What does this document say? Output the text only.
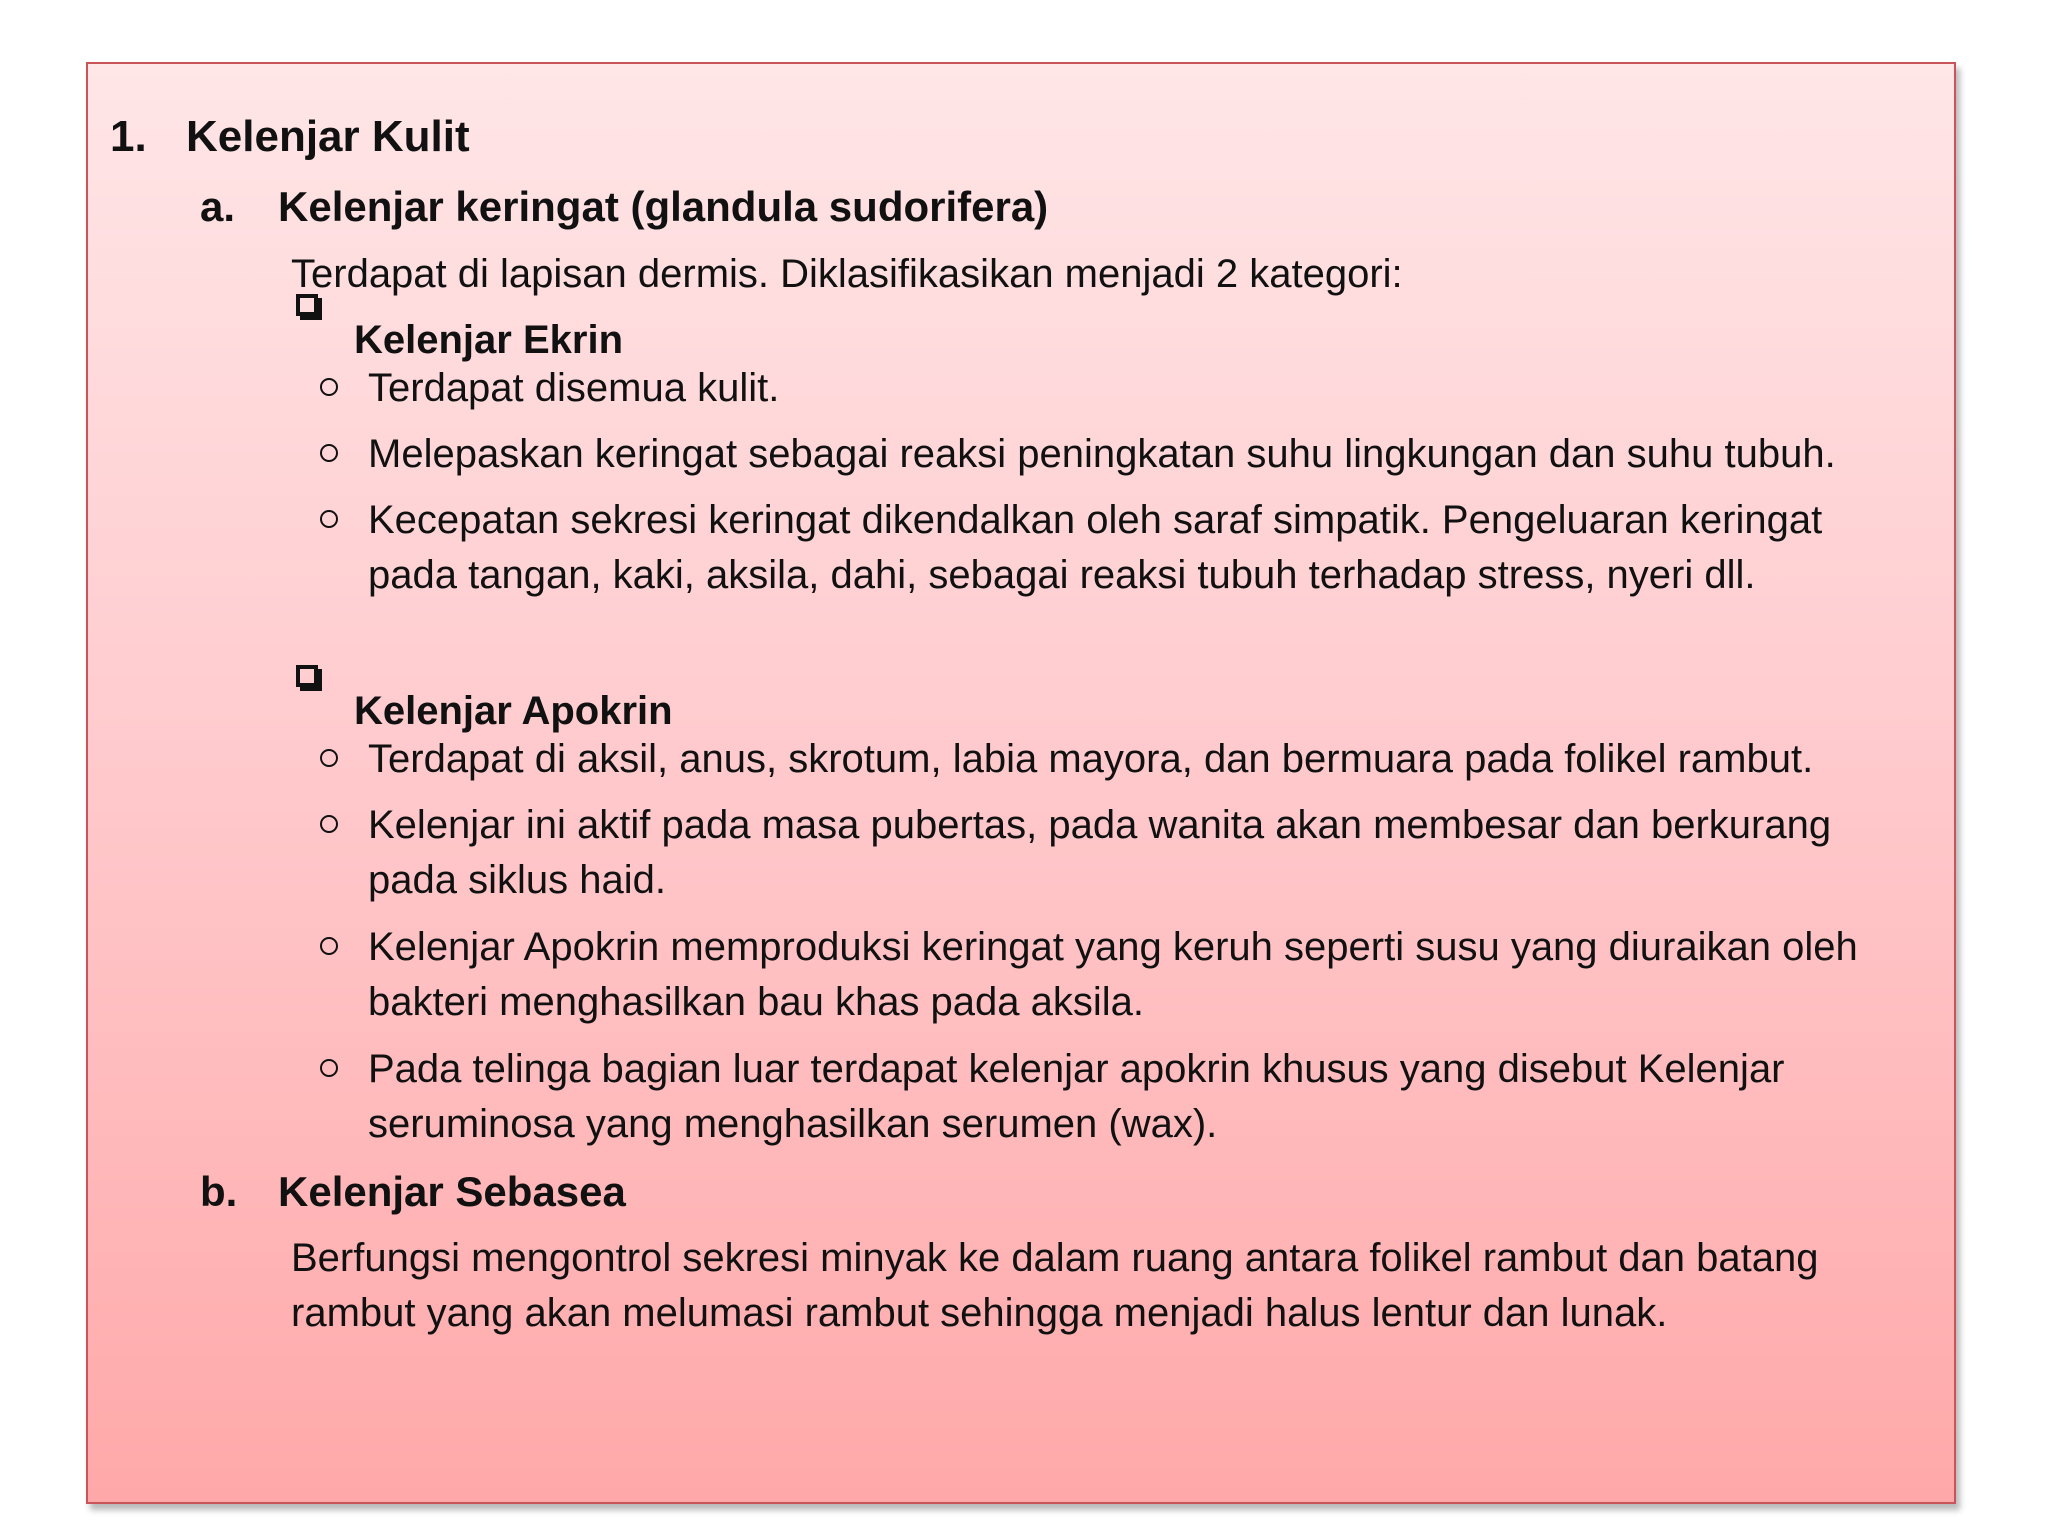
1. Kelenjar Kulit
a. Kelenjar keringat (glandula sudorifera)
Terdapat di lapisan dermis. Diklasifikasikan menjadi 2 kategori:
Kelenjar Ekrin
Terdapat disemua kulit.
Melepaskan keringat sebagai reaksi peningkatan suhu lingkungan dan suhu tubuh.
Kecepatan sekresi keringat dikendalkan oleh saraf simpatik. Pengeluaran keringat
pada tangan, kaki, aksila, dahi, sebagai reaksi tubuh terhadap stress, nyeri dll.
Kelenjar Apokrin
Terdapat di aksil, anus, skrotum, labia mayora, dan bermuara pada folikel rambut.
Kelenjar ini aktif pada masa pubertas, pada wanita akan membesar dan berkurang
pada siklus haid.
Kelenjar Apokrin memproduksi keringat yang keruh seperti susu yang diuraikan oleh
bakteri menghasilkan bau khas pada aksila.
Pada telinga bagian luar terdapat kelenjar apokrin khusus yang disebut Kelenjar
seruminosa yang menghasilkan serumen (wax).
b. Kelenjar Sebasea
Berfungsi mengontrol sekresi minyak ke dalam ruang antara folikel rambut dan batang
rambut yang akan melumasi rambut sehingga menjadi halus lentur dan lunak.
